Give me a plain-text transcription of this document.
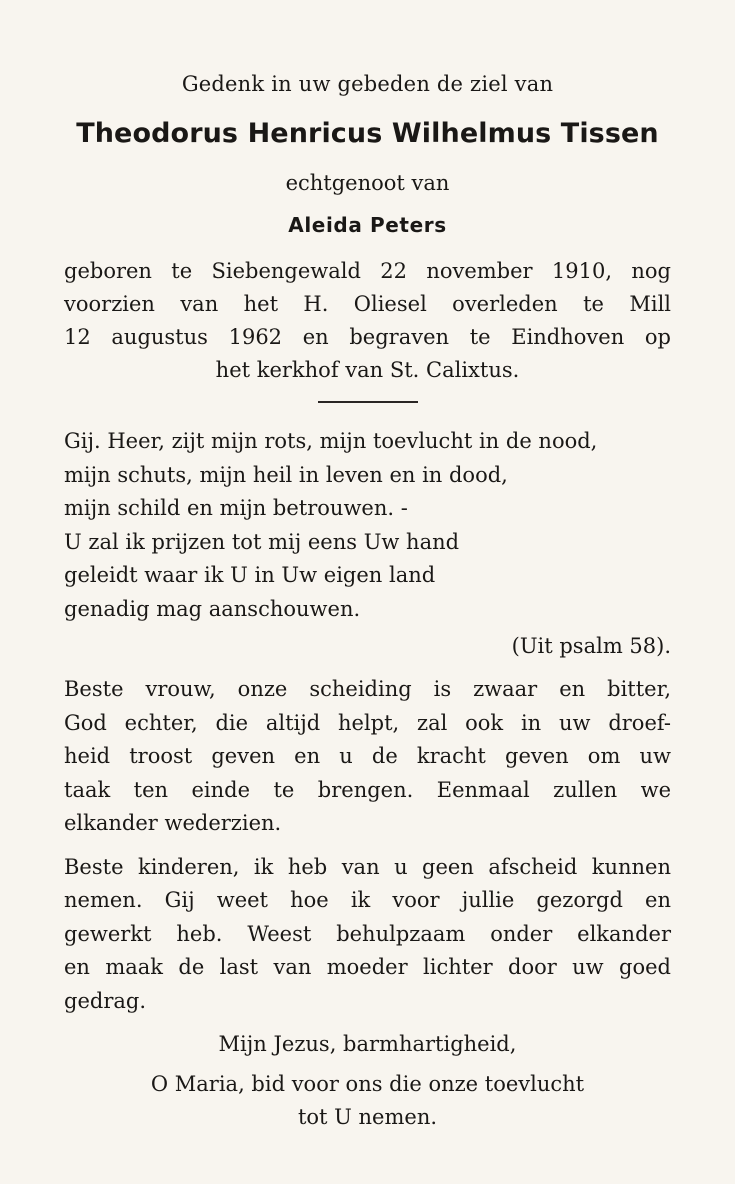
Gedenk in uw gebeden de ziel van

Theodorus Henricus Wilhelmus Tissen

echtgenoot van

Aleida Peters

geboren te Siebengewald 22 november 1910, nog
voorzien van het H. Oliesel overleden te Mill
12 augustus 1962 en begraven te Eindhoven op
het kerkhof van St. Calixtus.

Gij. Heer, zijt mijn rots, mijn toevlucht in de nood,
mijn schuts, mijn heil in leven en in dood,
mijn schild en mijn betrouwen. -
U zal ik prijzen tot mij eens Uw hand
geleidt waar ik U in Uw eigen land
genadig mag aanschouwen.

(Uit psalm 58).

Beste vrouw, onze scheiding is zwaar en bitter,
God echter, die altijd helpt, zal ook in uw droef-
heid troost geven en u de kracht geven om uw
taak ten einde te brengen. Eenmaal zullen we
elkander wederzien.

Beste kinderen, ik heb van u geen afscheid kunnen
nemen. Gij weet hoe ik voor jullie gezorgd en
gewerkt heb. Weest behulpzaam onder elkander
en maak de last van moeder lichter door uw goed
gedrag.

Mijn Jezus, barmhartigheid,
O Maria, bid voor ons die onze toevlucht
tot U nemen.
